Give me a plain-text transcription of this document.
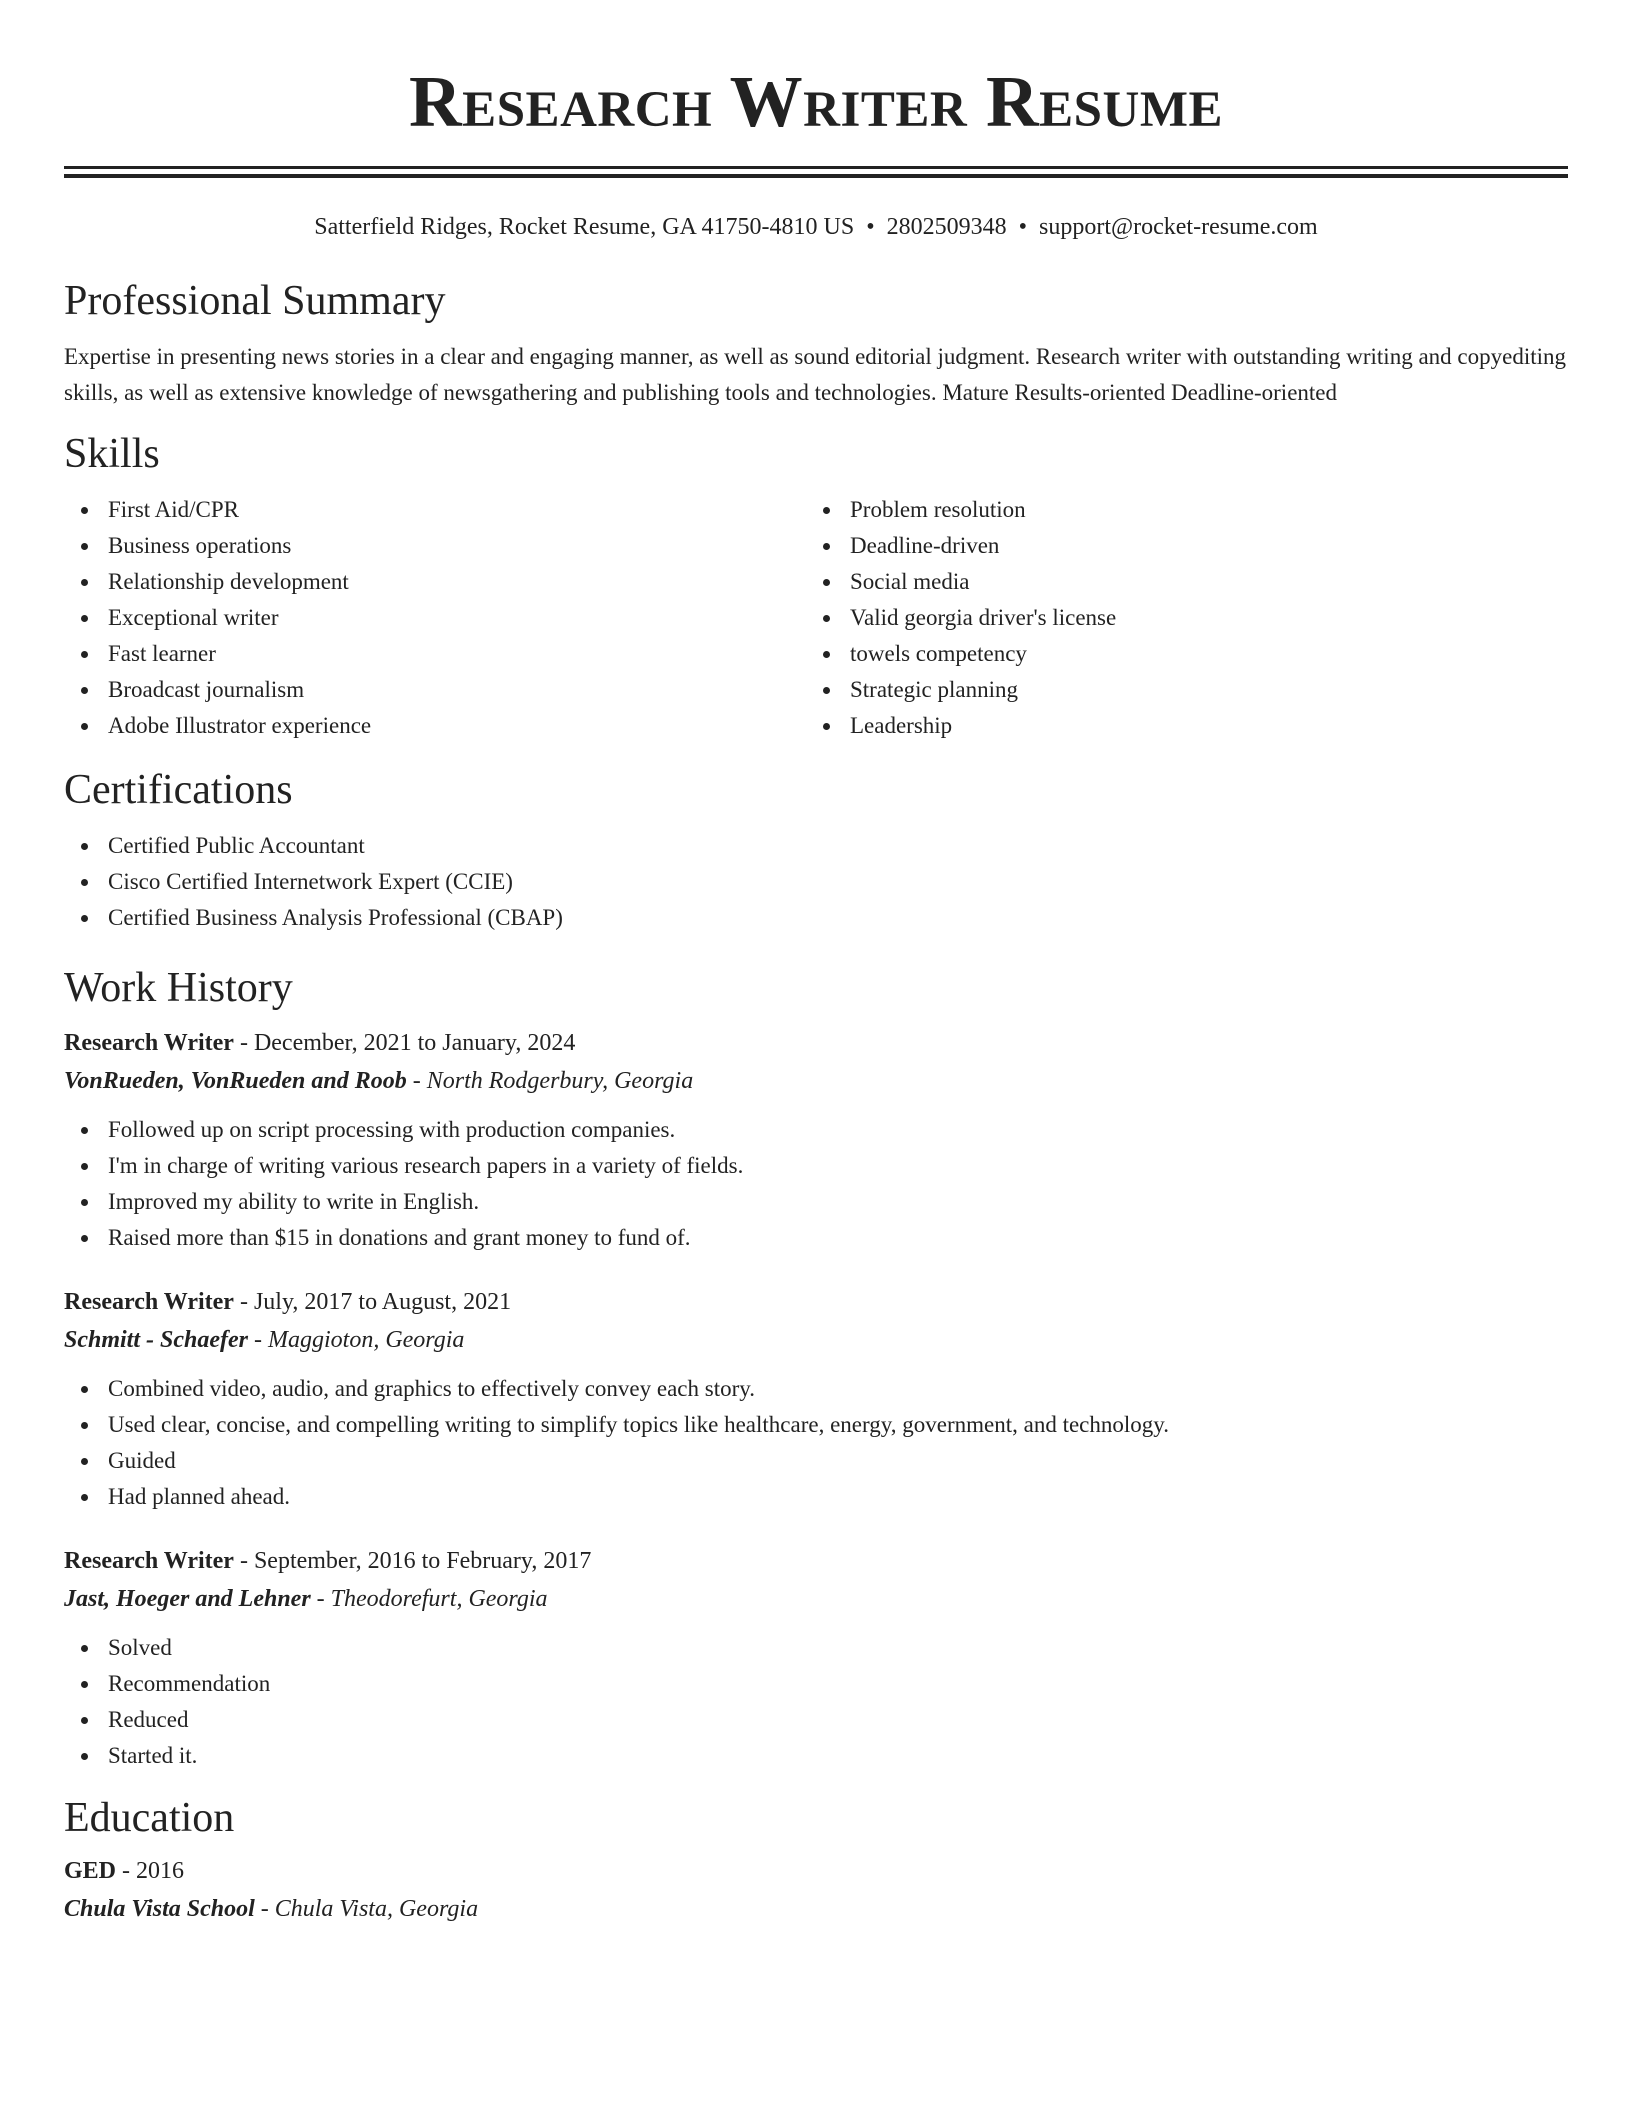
Research Writer Resume
Satterfield Ridges, Rocket Resume, GA 41750-4810 US • 2802509348 • support@rocket-resume.com
Professional Summary

Expertise in presenting news stories in a clear and engaging manner, as well as sound editorial judgment. Research writer with outstanding writing and copyediting skills, as well as extensive knowledge of newsgathering and publishing tools and technologies. Mature Results-oriented Deadline-oriented

Skills
First Aid/CPR
Business operations
Relationship development
Exceptional writer
Fast learner
Broadcast journalism
Adobe Illustrator experience
Problem resolution
Deadline-driven
Social media
Valid georgia driver's license
towels competency
Strategic planning
Leadership
Certifications
Certified Public Accountant
Cisco Certified Internetwork Expert (CCIE)
Certified Business Analysis Professional (CBAP)
Work History
Research Writer - December, 2021 to January, 2024
VonRueden, VonRueden and Roob - North Rodgerbury, Georgia
Followed up on script processing with production companies.
I'm in charge of writing various research papers in a variety of fields.
Improved my ability to write in English.
Raised more than $15 in donations and grant money to fund of.
Research Writer - July, 2017 to August, 2021
Schmitt - Schaefer - Maggioton, Georgia
Combined video, audio, and graphics to effectively convey each story.
Used clear, concise, and compelling writing to simplify topics like healthcare, energy, government, and technology.
Guided
Had planned ahead.
Research Writer - September, 2016 to February, 2017
Jast, Hoeger and Lehner - Theodorefurt, Georgia
Solved
Recommendation
Reduced
Started it.
Education
GED - 2016
Chula Vista School - Chula Vista, Georgia
